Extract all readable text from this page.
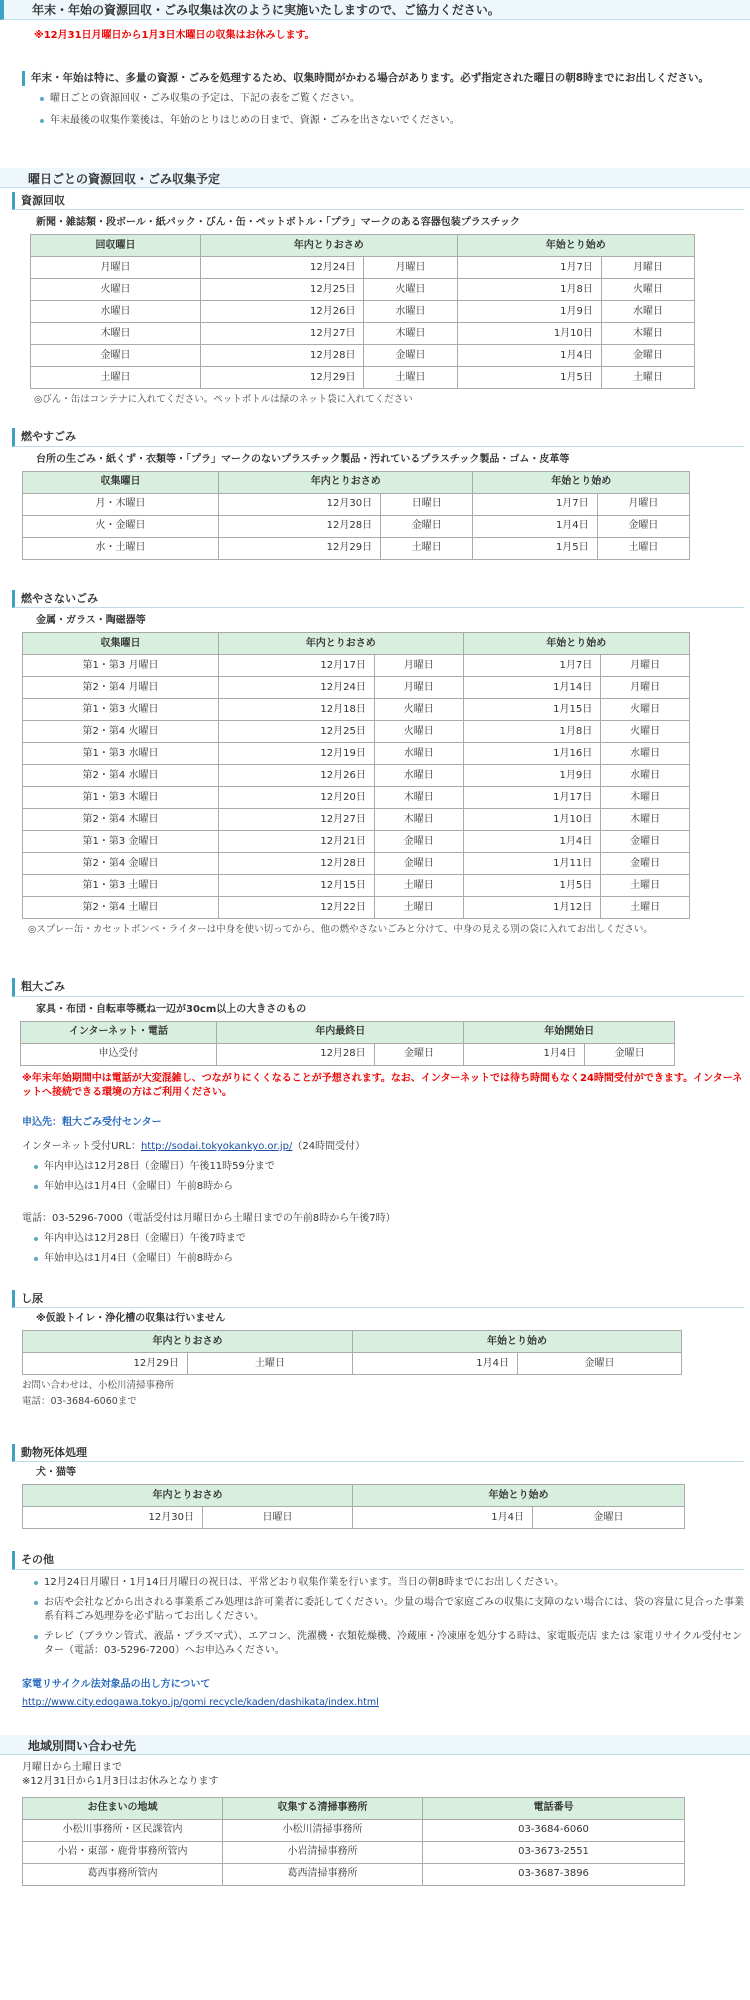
年末・年始の資源回収・ごみ収集は次のように実施いたしますので、ご協力ください。
※12月31日月曜日から1月3日木曜日の収集はお休みします。
年末・年始は特に、多量の資源・ごみを処理するため、収集時間がかわる場合があります。必ず指定された曜日の朝8時までにお出しください。
曜日ごとの資源回収・ごみ収集の予定は、下記の表をご覧ください。
年末最後の収集作業後は、年始のとりはじめの日まで、資源・ごみを出さないでください。
曜日ごとの資源回収・ごみ収集予定
資源回収
新聞・雑誌類・段ボール・紙パック・びん・缶・ペットボトル・「プラ」マークのある容器包装プラスチック
回収曜日	年内とりおさめ		年始とり始め	
月曜日	12月24日	月曜日	1月7日	月曜日
火曜日	12月25日	火曜日	1月8日	火曜日
水曜日	12月26日	水曜日	1月9日	水曜日
木曜日	12月27日	木曜日	1月10日	木曜日
金曜日	12月28日	金曜日	1月4日	金曜日
土曜日	12月29日	土曜日	1月5日	土曜日
◎びん・缶はコンテナに入れてください。ペットボトルは緑のネット袋に入れてください
燃やすごみ
台所の生ごみ・紙くず・衣類等・「プラ」マークのないプラスチック製品・汚れているプラスチック製品・ゴム・皮革等
収集曜日	年内とりおさめ		年始とり始め	
月・木曜日	12月30日	日曜日	1月7日	月曜日
火・金曜日	12月28日	金曜日	1月4日	金曜日
水・土曜日	12月29日	土曜日	1月5日	土曜日
燃やさないごみ
金属・ガラス・陶磁器等
収集曜日	年内とりおさめ		年始とり始め	
第1・第3 月曜日	12月17日	月曜日	1月7日	月曜日
第2・第4 月曜日	12月24日	月曜日	1月14日	月曜日
第1・第3 火曜日	12月18日	火曜日	1月15日	火曜日
第2・第4 火曜日	12月25日	火曜日	1月8日	火曜日
第1・第3 水曜日	12月19日	水曜日	1月16日	水曜日
第2・第4 水曜日	12月26日	水曜日	1月9日	水曜日
第1・第3 木曜日	12月20日	木曜日	1月17日	木曜日
第2・第4 木曜日	12月27日	木曜日	1月10日	木曜日
第1・第3 金曜日	12月21日	金曜日	1月4日	金曜日
第2・第4 金曜日	12月28日	金曜日	1月11日	金曜日
第1・第3 土曜日	12月15日	土曜日	1月5日	土曜日
第2・第4 土曜日	12月22日	土曜日	1月12日	土曜日
◎スプレー缶・カセットボンベ・ライターは中身を使い切ってから、他の燃やさないごみと分けて、中身の見える別の袋に入れてお出しください。
粗大ごみ
家具・布団・自転車等概ね一辺が30cm以上の大きさのもの
インターネット・電話	年内最終日		年始開始日	
申込受付	12月28日	金曜日	1月4日	金曜日
※年末年始期間中は電話が大変混雑し、つながりにくくなることが予想されます。なお、インターネットでは待ち時間もなく24時間受付ができます。インターネットへ接続できる環境の方はご利用ください。
申込先：粗大ごみ受付センター
インターネット受付URL：http://sodai.tokyokankyo.or.jp/（24時間受付）
年内申込は12月28日（金曜日）午後11時59分まで
年始申込は1月4日（金曜日）午前8時から
電話：03-5296-7000（電話受付は月曜日から土曜日までの午前8時から午後7時）
年内申込は12月28日（金曜日）午後7時まで
年始申込は1月4日（金曜日）午前8時から
し尿
※仮設トイレ・浄化槽の収集は行いません
年内とりおさめ		年始とり始め	
12月29日	土曜日	1月4日	金曜日
お問い合わせは、小松川清掃事務所
電話：03-3684-6060まで
動物死体処理
犬・猫等
年内とりおさめ		年始とり始め	
12月30日	日曜日	1月4日	金曜日
その他
12月24日月曜日・1月14日月曜日の祝日は、平常どおり収集作業を行います。当日の朝8時までにお出しください。
お店や会社などから出される事業系ごみ処理は許可業者に委託してください。少量の場合で家庭ごみの収集に支障のない場合には、袋の容量に見合った事業系有料ごみ処理券を必ず貼ってお出しください。
テレビ（ブラウン管式、液晶・プラズマ式）、エアコン、洗濯機・衣類乾燥機、冷蔵庫・冷凍庫を処分する時は、家電販売店 または 家電リサイクル受付センター（電話：03-5296-7200）へお申込みください。
家電リサイクル法対象品の出し方について
http://www.city.edogawa.tokyo.jp/gomi recycle/kaden/dashikata/index.html
地域別問い合わせ先
月曜日から土曜日まで
※12月31日から1月3日はお休みとなります
お住まいの地域	収集する清掃事務所	電話番号
小松川事務所・区民課管内	小松川清掃事務所	03-3684-6060
小岩・東部・鹿骨事務所管内	小岩清掃事務所	03-3673-2551
葛西事務所管内	葛西清掃事務所	03-3687-3896
